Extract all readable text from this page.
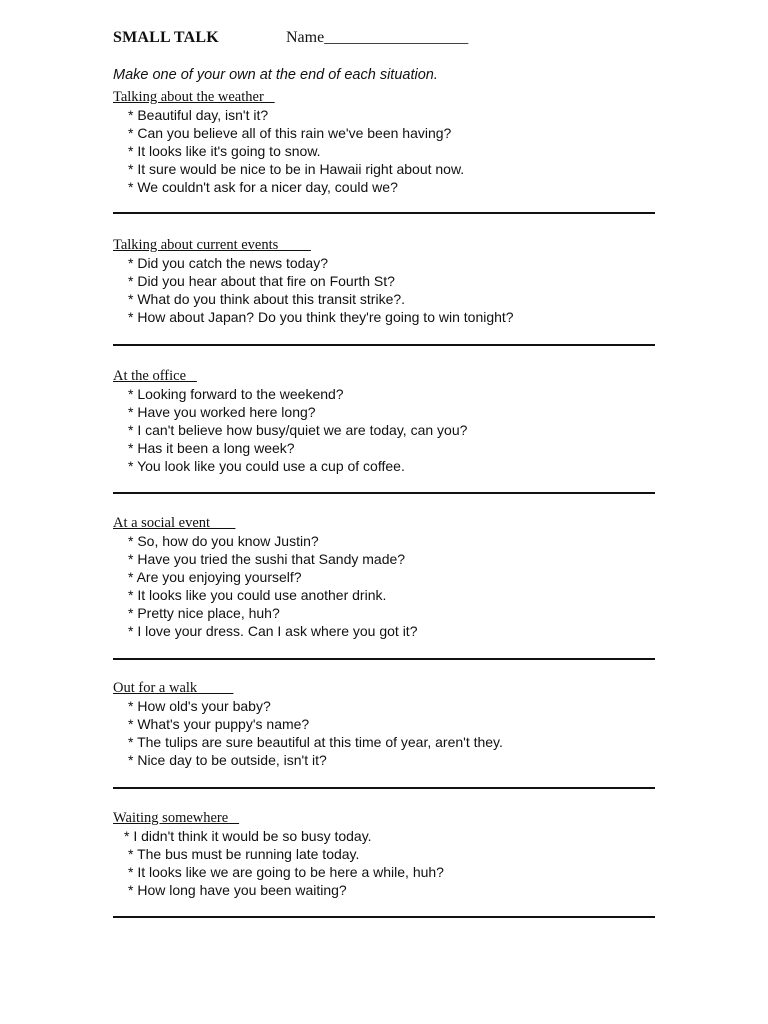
SMALL TALK	Name__________________
Make one of your own at the end of each situation.
Talking about the weather
* Beautiful day, isn't it?
* Can you believe all of this rain we've been having?
* It looks like it's going to snow.
* It sure would be nice to be in Hawaii right about now.
* We couldn't ask for a nicer day, could we?
Talking about current events
* Did you catch the news today?
* Did you hear about that fire on Fourth St?
* What do you think about this transit strike?.
* How about Japan? Do you think they're going to win tonight?
At the office
* Looking forward to the weekend?
* Have you worked here long?
* I can't believe how busy/quiet we are today, can you?
* Has it been a long week?
* You look like you could use a cup of coffee.
At a social event
* So, how do you know Justin?
* Have you tried the sushi that Sandy made?
* Are you enjoying yourself?
* It looks like you could use another drink.
* Pretty nice place, huh?
* I love your dress. Can I ask where you got it?
Out for a walk
* How old's your baby?
* What's your puppy's name?
* The tulips are sure beautiful at this time of year, aren't they.
* Nice day to be outside, isn't it?
Waiting somewhere
* I didn't think it would be so busy today.
* The bus must be running late today.
* It looks like we are going to be here a while, huh?
* How long have you been waiting?
